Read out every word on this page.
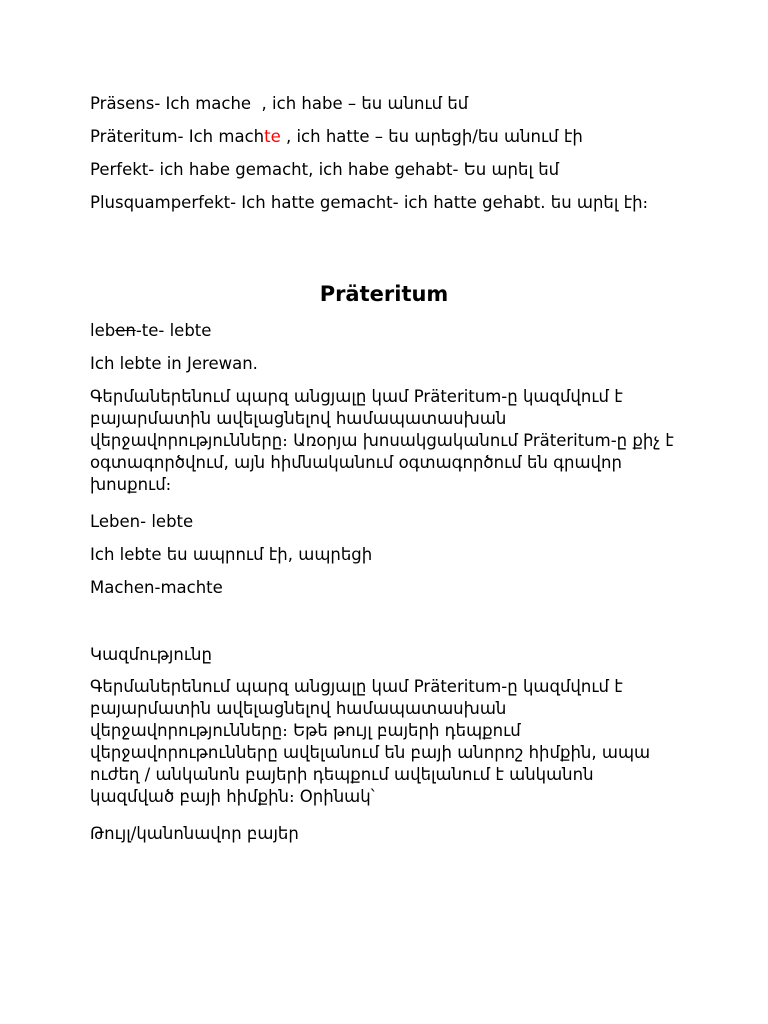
Präsens- Ich mache  , ich habe – ես անում եմ
Präteritum- Ich machte , ich hatte – ես արեցի/ես անում էի
Perfekt- ich habe gemacht, ich habe gehabt- Ես արել եմ
Plusquamperfekt- Ich hatte gemacht- ich hatte gehabt. ես արել էի։
Präteritum
leben-te- lebte
Ich lebte in Jerewan.
Գերմաներենում պարզ անցյալը կամ Präteritum-ը կազմվում է բայարմատին ավելացնելով համապատասխան վերջավորությունները։ Առօրյա խոսակցականում Präteritum-ը քիչ է օգտագործվում, այն հիմնականում օգտագործում են գրավոր խոսքում։
Leben- lebte
Ich lebte ես ապրում էի, ապրեցի
Machen-machte
Կազմությունը
Գերմաներենում պարզ անցյալը կամ Präteritum-ը կազմվում է բայարմատին ավելացնելով համապատասխան վերջավորությունները։ Եթե թույլ բայերի դեպքում վերջավորութունները ավելանում են բայի անորոշ հիմքին, ապա ուժեղ / անկանոն բայերի դեպքում ավելանում է անկանոն կազմված բայի հիմքին։ Օրինակ՝
Թույլ/կանոնավոր բայեր
